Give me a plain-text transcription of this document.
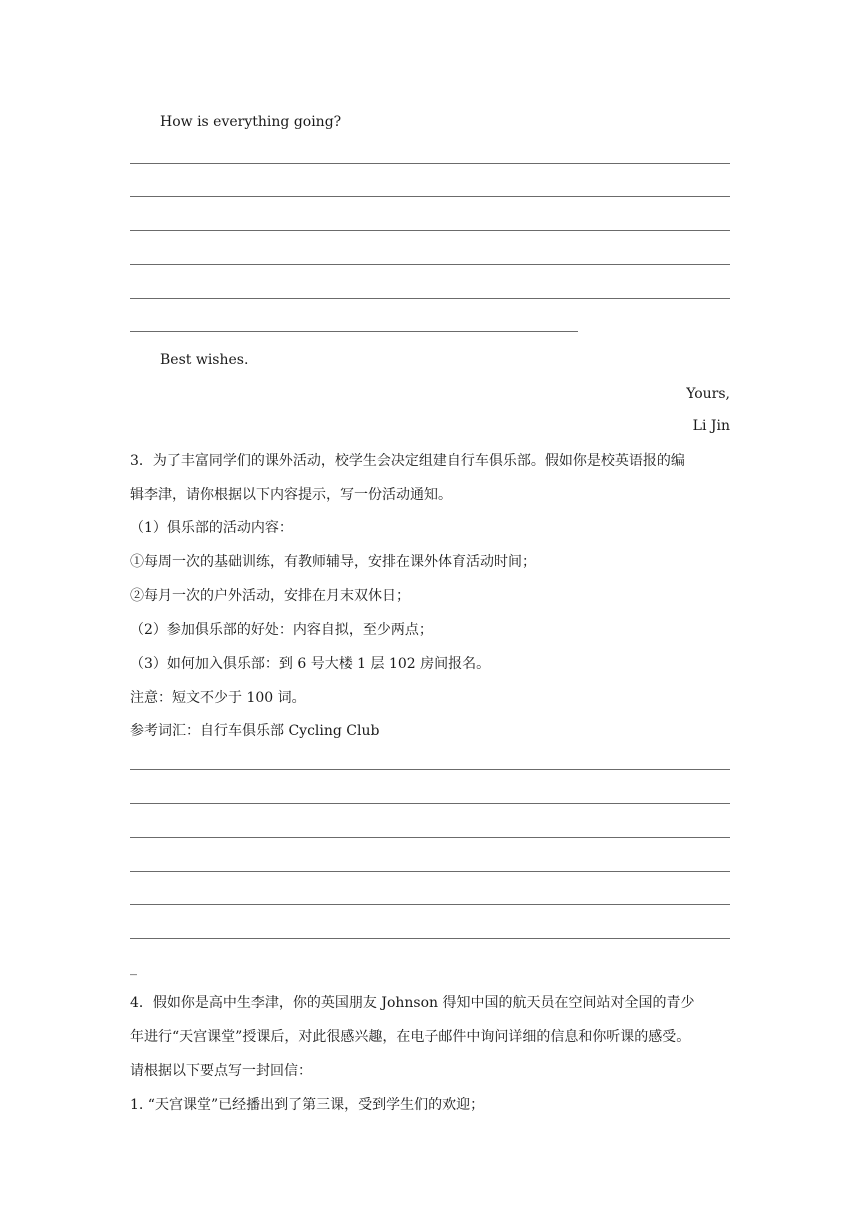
How is everything going?
Best wishes.
Yours,
Li Jin
3．为了丰富同学们的课外活动，校学生会决定组建自行车俱乐部。假如你是校英语报的编
辑李津，请你根据以下内容提示，写一份活动通知。
（1）俱乐部的活动内容：
①每周一次的基础训练，有教师辅导，安排在课外体育活动时间；
②每月一次的户外活动，安排在月末双休日；
（2）参加俱乐部的好处：内容自拟，至少两点；
（3）如何加入俱乐部：到 6 号大楼 1 层 102 房间报名。
注意：短文不少于 100 词。
参考词汇：自行车俱乐部 Cycling Club
_
4．假如你是高中生李津，你的英国朋友 Johnson 得知中国的航天员在空间站对全国的青少
年进行“天宫课堂”授课后，对此很感兴趣，在电子邮件中询问详细的信息和你听课的感受。
请根据以下要点写一封回信：
1. “天宫课堂”已经播出到了第三课，受到学生们的欢迎；
